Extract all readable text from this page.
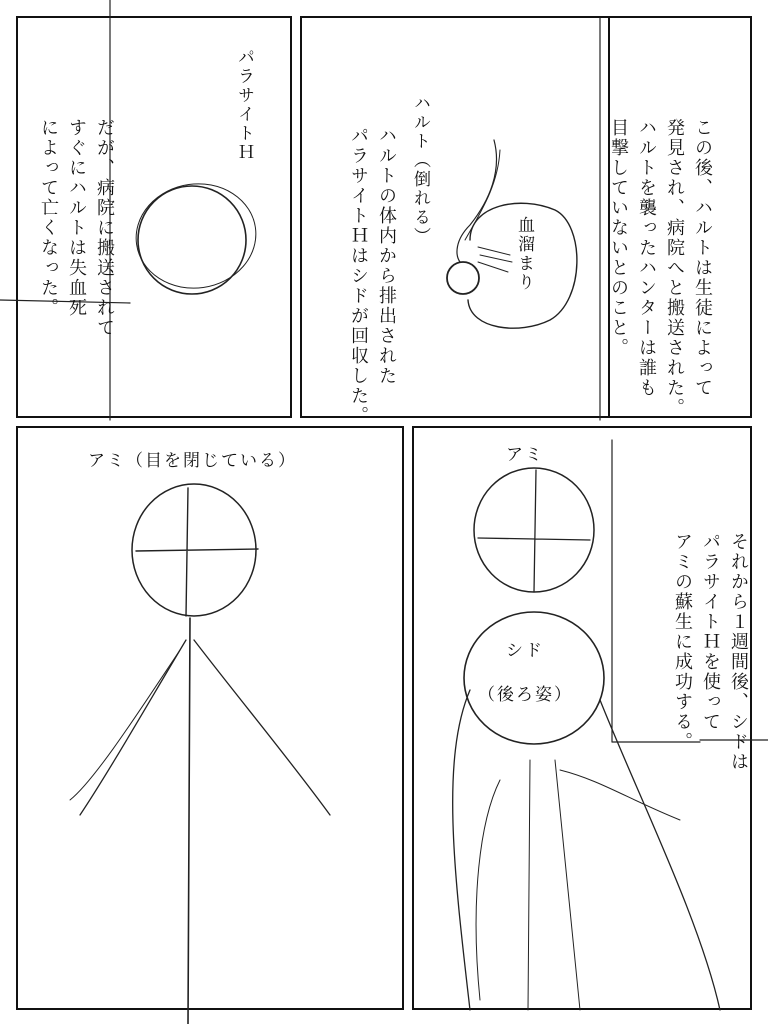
この後、ハルトは生徒によって
発見され、病院へと搬送された。
ハルトを襲ったハンターは誰も
目撃していないとのこと。

ハルトの体内から排出された
パラサイトＨはシドが回収した。
	ハルト（倒れる）
血溜まり

だが、病院に搬送されて
すぐにハルトは失血死
によって亡くなった。

パラサイトＨ
アミ（目を閉じている）

それから１週間後、シドは
パラサイトＨを使って
アミの蘇生に成功する。

アミ
シド
（後ろ姿）
